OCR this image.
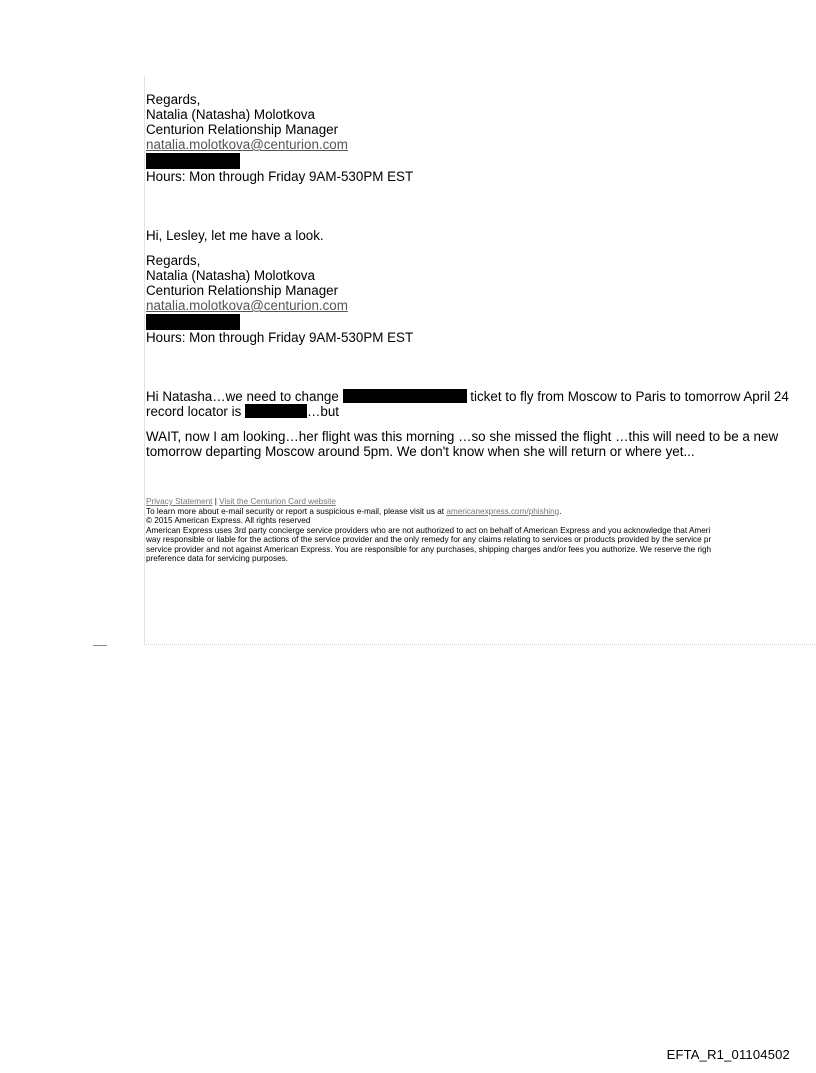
Regards,
Natalia (Natasha) Molotkova
Centurion Relationship Manager
natalia.molotkova@centurion.com
Hours: Mon through Friday 9AM-530PM EST
Hi, Lesley, let me have a look.
Regards,
Natalia (Natasha) Molotkova
Centurion Relationship Manager
natalia.molotkova@centurion.com
Hours: Mon through Friday 9AM-530PM EST
Hi Natasha…we need to change	ticket to fly from Moscow to Paris to tomorrow April 24
record locator is	…but
WAIT, now I am looking…her flight was this morning …so she missed the flight …this will need to be a new
tomorrow departing Moscow around 5pm. We don't know when she will return or where yet...
Privacy Statement | Visit the Centurion Card website
To learn more about e-mail security or report a suspicious e-mail, please visit us at americanexpress.com/phishing.
© 2015 American Express. All rights reserved
American Express uses 3rd party concierge service providers who are not authorized to act on behalf of American Express and you acknowledge that Ameri
way responsible or liable for the actions of the service provider and the only remedy for any claims relating to services or products provided by the service pr
service provider and not against American Express. You are responsible for any purchases, shipping charges and/or fees you authorize. We reserve the righ
preference data for servicing purposes.
EFTA_R1_01104502
